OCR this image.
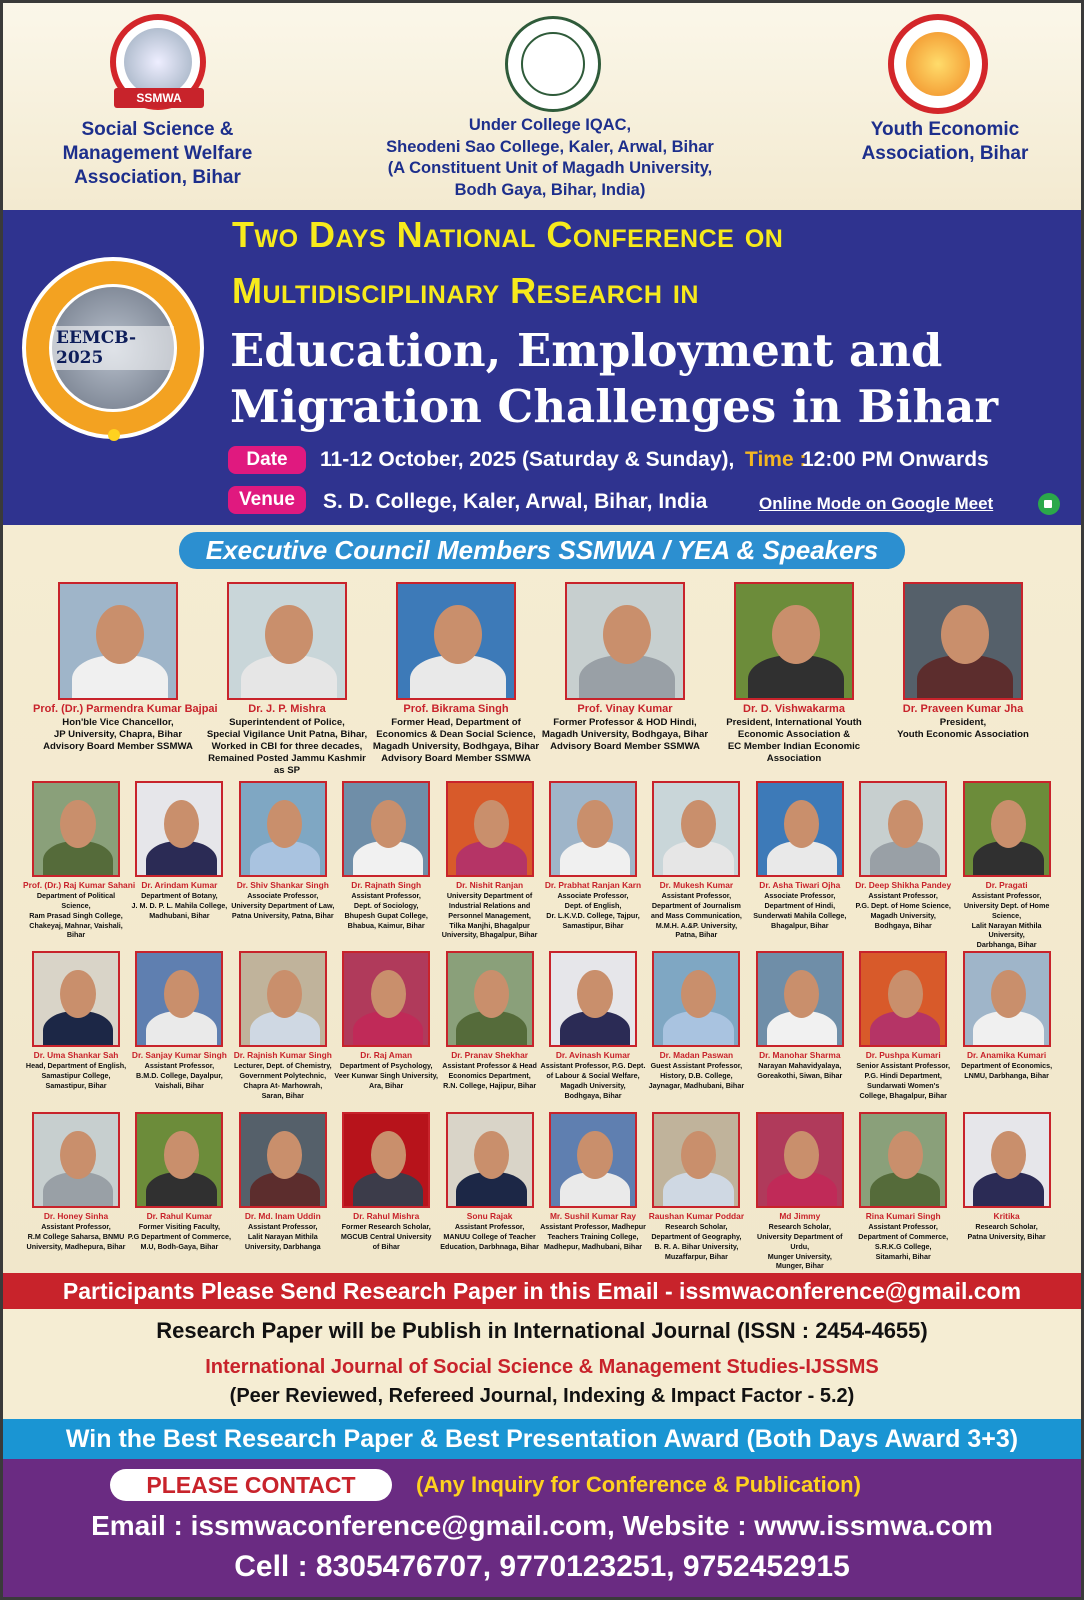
SSMWA
Social Science &
Management Welfare
Association, Bihar
Under College IQAC,
Sheodeni Sao College, Kaler, Arwal, Bihar
(A Constituent Unit of Magadh University,
Bodh Gaya, Bihar, India)
Youth Economic
Association, Bihar
EEMCB-2025
Two Days National Conference on
Multidisciplinary Research in
Education, Employment and
Migration Challenges in Bihar
Date	11-12 October, 2025 (Saturday & Sunday), Time :
12:00 PM Onwards
Venue	S. D. College, Kaler, Arwal, Bihar, India	Online Mode on Google Meet
Executive Council Members SSMWA / YEA & Speakers
Prof. (Dr.) Parmendra Kumar Bajpai
Hon'ble Vice Chancellor,
JP University, Chapra, Bihar
Advisory Board Member SSMWA
Dr. J. P. Mishra
Superintendent of Police,
Special Vigilance Unit Patna, Bihar,
Worked in CBI for three decades,
Remained Posted Jammu Kashmir as SP
Prof. Bikrama Singh
Former Head, Department of
Economics & Dean Social Science,
Magadh University, Bodhgaya, Bihar
Advisory Board Member SSMWA
Prof. Vinay Kumar
Former Professor & HOD Hindi,
Magadh University, Bodhgaya, Bihar
Advisory Board Member SSMWA
Dr. D. Vishwakarma
President, International Youth
Economic Association &
EC Member Indian Economic
Association
Dr. Praveen Kumar Jha
President,
Youth Economic Association
Prof. (Dr.) Raj Kumar Sahani
Department of Political Science,
Ram Prasad Singh College,
Chakeyaj, Mahnar, Vaishali, Bihar
Dr. Arindam Kumar
Department of Botany,
J. M. D. P. L. Mahila College,
Madhubani, Bihar
Dr. Shiv Shankar Singh
Associate Professor,
University Department of Law,
Patna University, Patna, Bihar
Dr. Rajnath Singh
Assistant Professor,
Dept. of Sociology,
Bhupesh Gupat College,
Bhabua, Kaimur, Bihar
Dr. Nishit Ranjan
University Department of
Industrial Relations and
Personnel Management,
Tilka Manjhi, Bhagalpur
University, Bhagalpur, Bihar
Dr. Prabhat Ranjan Karn
Associate Professor,
Dept. of English,
Dr. L.K.V.D. College, Tajpur,
Samastipur, Bihar
Dr. Mukesh Kumar
Assistant Professor,
Department of Journalism
and Mass Communication,
M.M.H. A.&P. University,
Patna, Bihar
Dr. Asha Tiwari Ojha
Associate Professor,
Department of Hindi,
Sunderwati Mahila College,
Bhagalpur, Bihar
Dr. Deep Shikha Pandey
Assistant Professor,
P.G. Dept. of Home Science,
Magadh University,
Bodhgaya, Bihar
Dr. Pragati
Assistant Professor,
University Dept. of Home Science,
Lalit Narayan Mithila University,
Darbhanga, Bihar
Dr. Uma Shankar Sah
Head, Department of English,
Samastipur College,
Samastipur, Bihar
Dr. Sanjay Kumar Singh
Assistant Professor,
B.M.D. College, Dayalpur,
Vaishali, Bihar
Dr. Rajnish Kumar Singh
Lecturer, Dept. of Chemistry,
Government Polytechnic,
Chapra At- Marhowrah,
Saran, Bihar
Dr. Raj Aman
Department of Psychology,
Veer Kunwar Singh University,
Ara, Bihar
Dr. Pranav Shekhar
Assistant Professor & Head
Economics Department,
R.N. College, Hajipur, Bihar
Dr. Avinash Kumar
Assistant Professor, P.G. Dept.
of Labour & Social Welfare,
Magadh University,
Bodhgaya, Bihar
Dr. Madan Paswan
Guest Assistant Professor,
History, D.B. College,
Jaynagar, Madhubani, Bihar
Dr. Manohar Sharma
Narayan Mahavidyalaya,
Goreakothi, Siwan, Bihar
Dr. Pushpa Kumari
Senior Assistant Professor,
P.G. Hindi Department,
Sundarwati Women's
College, Bhagalpur, Bihar
Dr. Anamika Kumari
Department of Economics,
LNMU, Darbhanga, Bihar
Dr. Honey Sinha
Assistant Professor,
R.M College Saharsa, BNMU
University, Madhepura, Bihar
Dr. Rahul Kumar
Former Visiting Faculty,
P.G Department of Commerce,
M.U, Bodh-Gaya, Bihar
Dr. Md. Inam Uddin
Assistant Professor,
Lalit Narayan Mithila
University, Darbhanga
Dr. Rahul Mishra
Former Research Scholar,
MGCUB Central University
of Bihar
Sonu Rajak
Assistant Professor,
MANUU College of Teacher
Education, Darbhnaga, Bihar
Mr. Sushil Kumar Ray
Assistant Professor, Madhepur
Teachers Training College,
Madhepur, Madhubani, Bihar
Raushan Kumar Poddar
Research Scholar,
Department of Geography,
B. R. A. Bihar University,
Muzaffarpur, Bihar
Md Jimmy
Research Scholar,
University Department of Urdu,
Munger University,
Munger, Bihar
Rina Kumari Singh
Assistant Professor,
Department of Commerce,
S.R.K.G College,
Sitamarhi, Bihar
Kritika
Research Scholar,
Patna University, Bihar
Participants Please Send Research Paper in this Email - issmwaconference@gmail.com
Research Paper will be Publish in International Journal (ISSN : 2454-4655)
International Journal of Social Science & Management Studies-IJSSMS
(Peer Reviewed, Refereed Journal, Indexing & Impact Factor - 5.2)
Win the Best Research Paper & Best Presentation Award (Both Days Award 3+3)
PLEASE CONTACT	(Any Inquiry for Conference & Publication)
Email : issmwaconference@gmail.com, Website : www.issmwa.com
Cell : 8305476707, 9770123251, 9752452915
